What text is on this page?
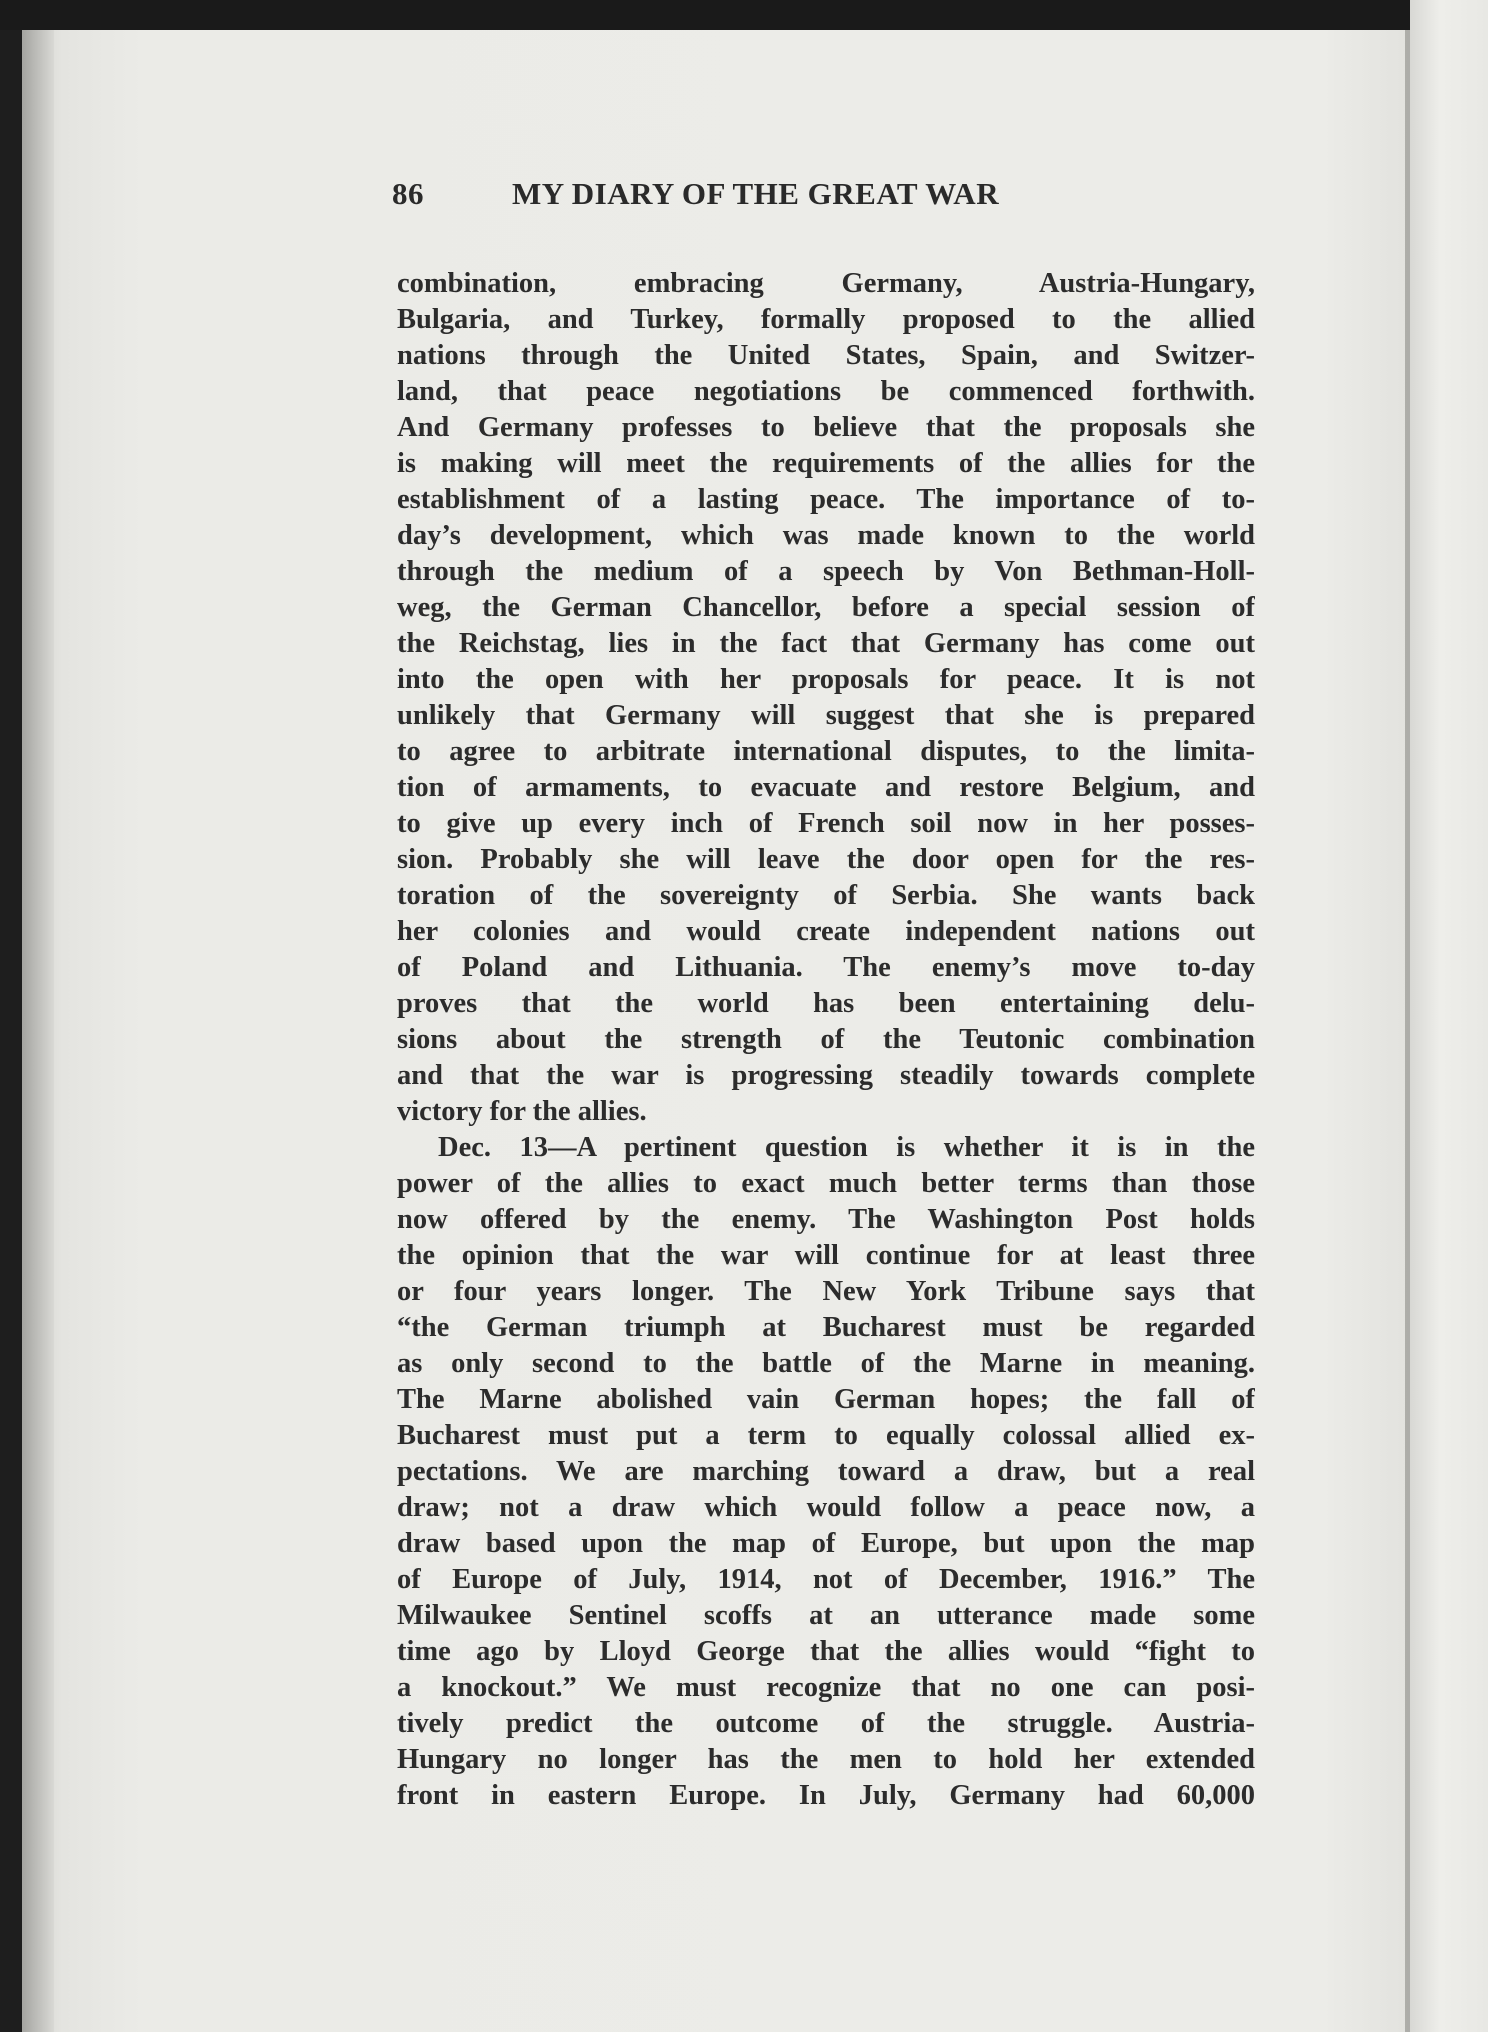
86	MY DIARY OF THE GREAT WAR
combination, embracing Germany, Austria-Hungary,
Bulgaria, and Turkey, formally proposed to the allied
nations through the United States, Spain, and Switzer-
land, that peace negotiations be commenced forthwith.
And Germany professes to believe that the proposals she
is making will meet the requirements of the allies for the
establishment of a lasting peace. The importance of to-
day’s development, which was made known to the world
through the medium of a speech by Von Bethman-Holl-
weg, the German Chancellor, before a special session of
the Reichstag, lies in the fact that Germany has come out
into the open with her proposals for peace. It is not
unlikely that Germany will suggest that she is prepared
to agree to arbitrate international disputes, to the limita-
tion of armaments, to evacuate and restore Belgium, and
to give up every inch of French soil now in her posses-
sion. Probably she will leave the door open for the res-
toration of the sovereignty of Serbia. She wants back
her colonies and would create independent nations out
of Poland and Lithuania. The enemy’s move to-day
proves that the world has been entertaining delu-
sions about the strength of the Teutonic combination
and that the war is progressing steadily towards complete
victory for the allies.
Dec. 13—A pertinent question is whether it is in the
power of the allies to exact much better terms than those
now offered by the enemy. The Washington Post holds
the opinion that the war will continue for at least three
or four years longer. The New York Tribune says that
“the German triumph at Bucharest must be regarded
as only second to the battle of the Marne in meaning.
The Marne abolished vain German hopes; the fall of
Bucharest must put a term to equally colossal allied ex-
pectations. We are marching toward a draw, but a real
draw; not a draw which would follow a peace now, a
draw based upon the map of Europe, but upon the map
of Europe of July, 1914, not of December, 1916.” The
Milwaukee Sentinel scoffs at an utterance made some
time ago by Lloyd George that the allies would “fight to
a knockout.” We must recognize that no one can posi-
tively predict the outcome of the struggle. Austria-
Hungary no longer has the men to hold her extended
front in eastern Europe. In July, Germany had 60,000
